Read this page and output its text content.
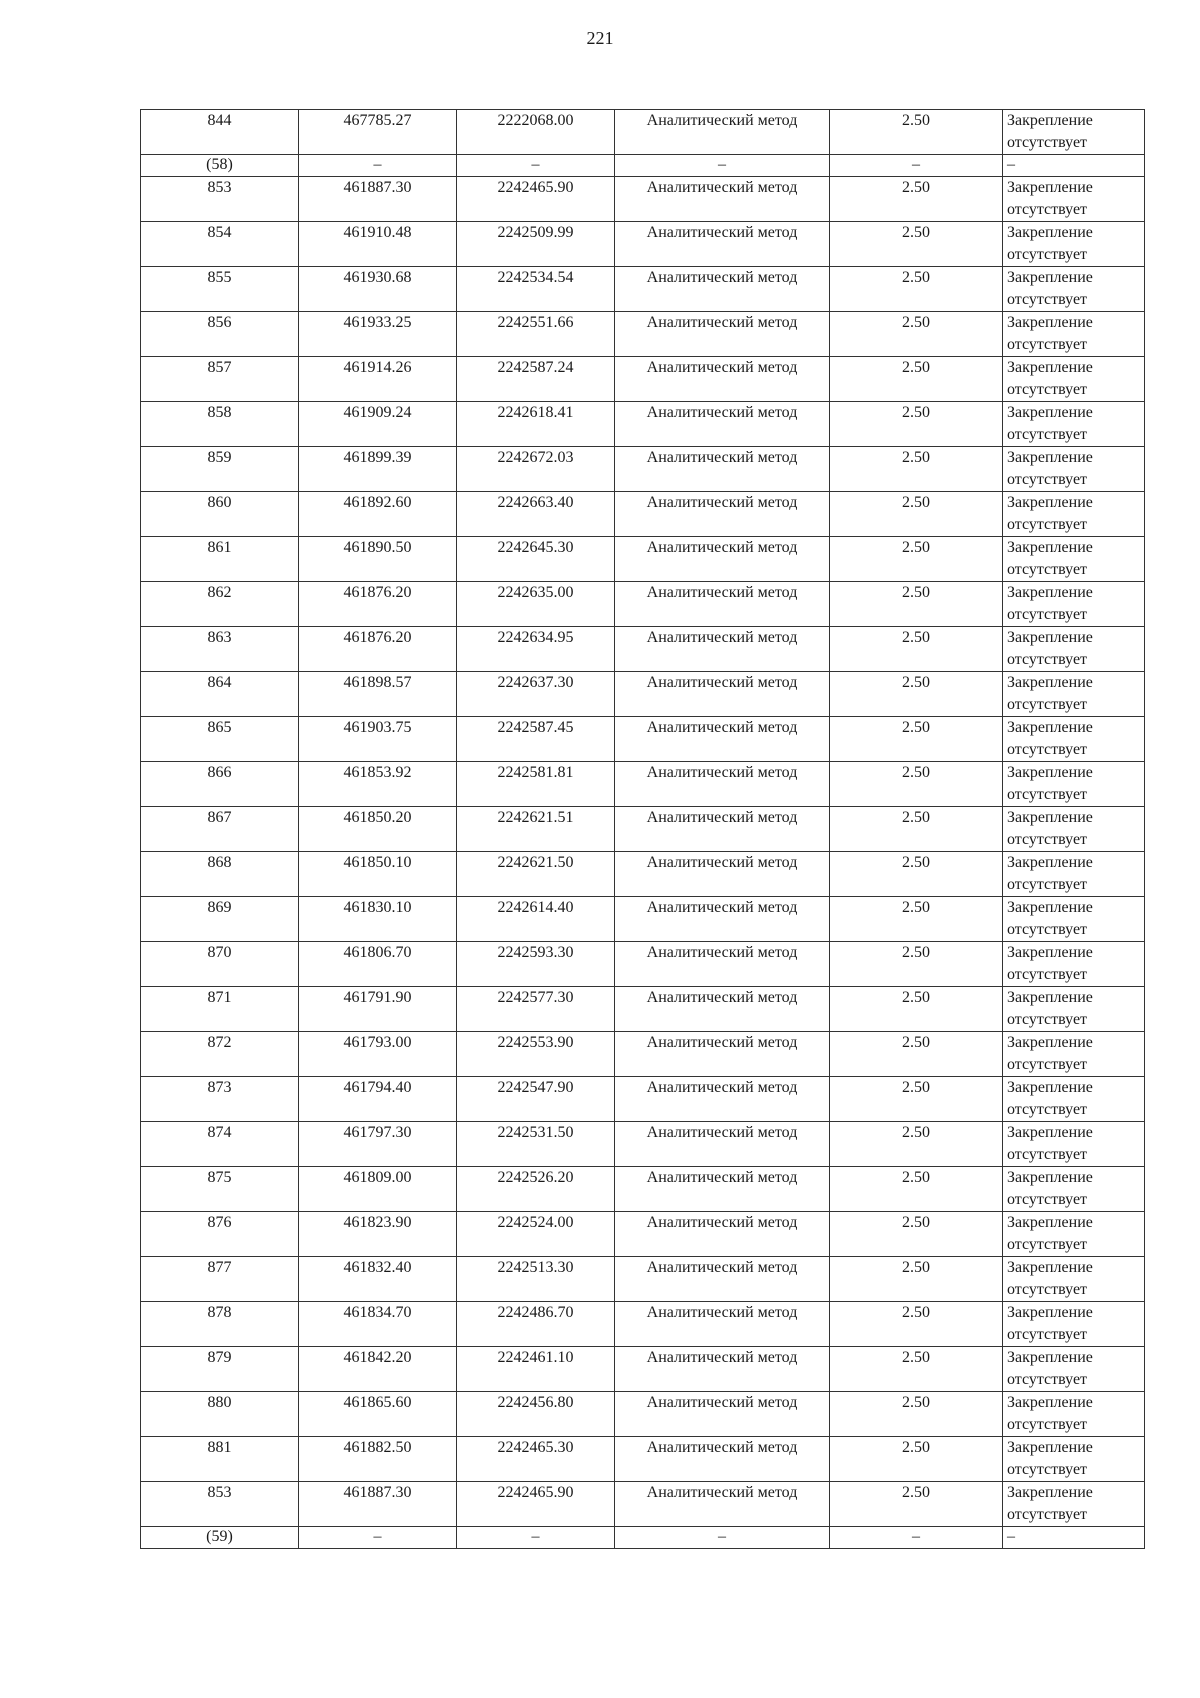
221
844	467785.27	2222068.00	Аналитический метод	2.50	Закрепление отсутствует
(58)	–	–	–	–	–
853	461887.30	2242465.90	Аналитический метод	2.50	Закрепление отсутствует
854	461910.48	2242509.99	Аналитический метод	2.50	Закрепление отсутствует
855	461930.68	2242534.54	Аналитический метод	2.50	Закрепление отсутствует
856	461933.25	2242551.66	Аналитический метод	2.50	Закрепление отсутствует
857	461914.26	2242587.24	Аналитический метод	2.50	Закрепление отсутствует
858	461909.24	2242618.41	Аналитический метод	2.50	Закрепление отсутствует
859	461899.39	2242672.03	Аналитический метод	2.50	Закрепление отсутствует
860	461892.60	2242663.40	Аналитический метод	2.50	Закрепление отсутствует
861	461890.50	2242645.30	Аналитический метод	2.50	Закрепление отсутствует
862	461876.20	2242635.00	Аналитический метод	2.50	Закрепление отсутствует
863	461876.20	2242634.95	Аналитический метод	2.50	Закрепление отсутствует
864	461898.57	2242637.30	Аналитический метод	2.50	Закрепление отсутствует
865	461903.75	2242587.45	Аналитический метод	2.50	Закрепление отсутствует
866	461853.92	2242581.81	Аналитический метод	2.50	Закрепление отсутствует
867	461850.20	2242621.51	Аналитический метод	2.50	Закрепление отсутствует
868	461850.10	2242621.50	Аналитический метод	2.50	Закрепление отсутствует
869	461830.10	2242614.40	Аналитический метод	2.50	Закрепление отсутствует
870	461806.70	2242593.30	Аналитический метод	2.50	Закрепление отсутствует
871	461791.90	2242577.30	Аналитический метод	2.50	Закрепление отсутствует
872	461793.00	2242553.90	Аналитический метод	2.50	Закрепление отсутствует
873	461794.40	2242547.90	Аналитический метод	2.50	Закрепление отсутствует
874	461797.30	2242531.50	Аналитический метод	2.50	Закрепление отсутствует
875	461809.00	2242526.20	Аналитический метод	2.50	Закрепление отсутствует
876	461823.90	2242524.00	Аналитический метод	2.50	Закрепление отсутствует
877	461832.40	2242513.30	Аналитический метод	2.50	Закрепление отсутствует
878	461834.70	2242486.70	Аналитический метод	2.50	Закрепление отсутствует
879	461842.20	2242461.10	Аналитический метод	2.50	Закрепление отсутствует
880	461865.60	2242456.80	Аналитический метод	2.50	Закрепление отсутствует
881	461882.50	2242465.30	Аналитический метод	2.50	Закрепление отсутствует
853	461887.30	2242465.90	Аналитический метод	2.50	Закрепление отсутствует
(59)	–	–	–	–	–
